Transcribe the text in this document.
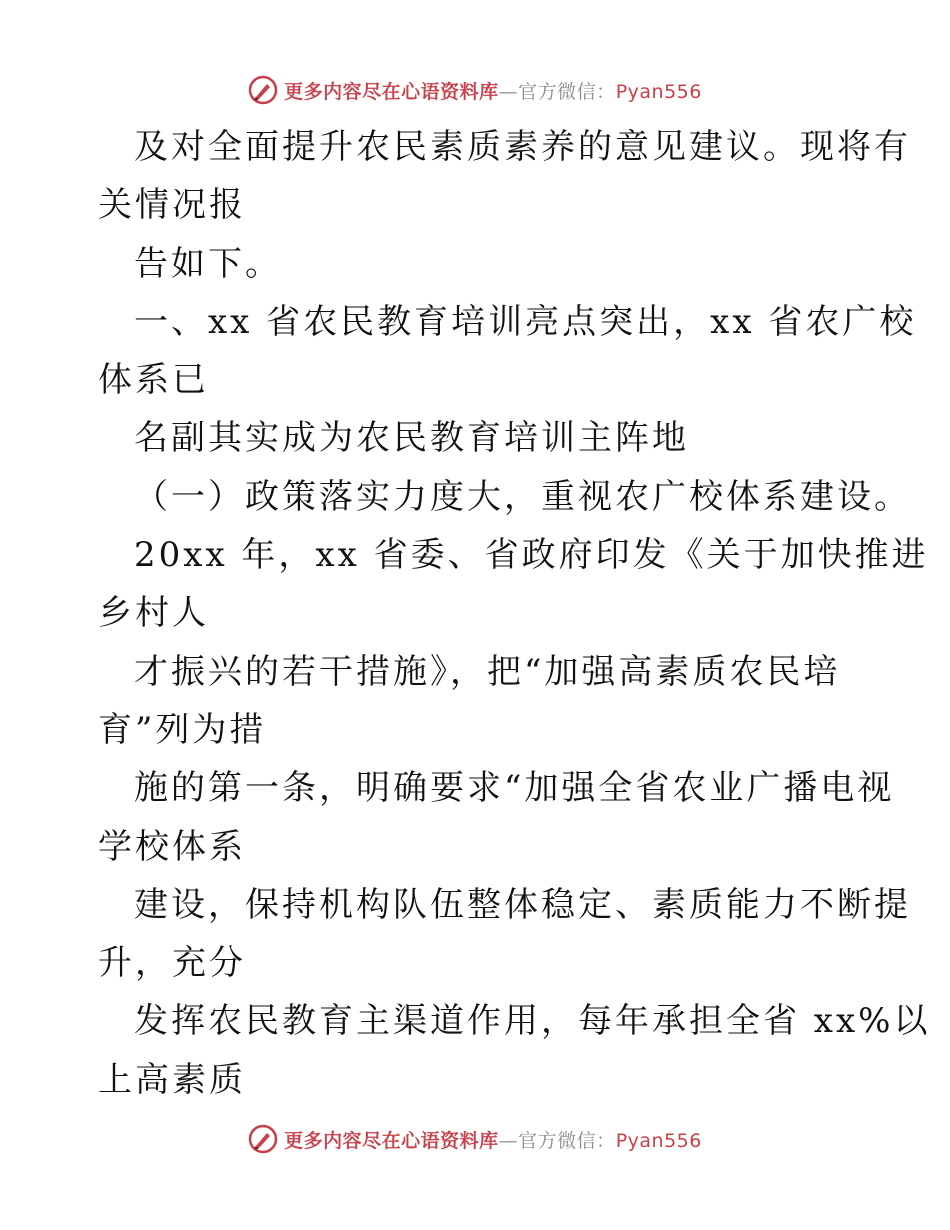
更多内容尽在心语资料库—官方微信：Pyan556
及对全面提升农民素质素养的意见建议。现将有
关情况报
告如下。
一、xx 省农民教育培训亮点突出，xx 省农广校
体系已
名副其实成为农民教育培训主阵地
（一）政策落实力度大，重视农广校体系建设。
20xx 年，xx 省委、省政府印发《关于加快推进
乡村人
才振兴的若干措施》，把“加强高素质农民培
育”列为措
施的第一条，明确要求“加强全省农业广播电视
学校体系
建设，保持机构队伍整体稳定、素质能力不断提
升，充分
发挥农民教育主渠道作用，每年承担全省 xx%以
上高素质
更多内容尽在心语资料库—官方微信：Pyan556
